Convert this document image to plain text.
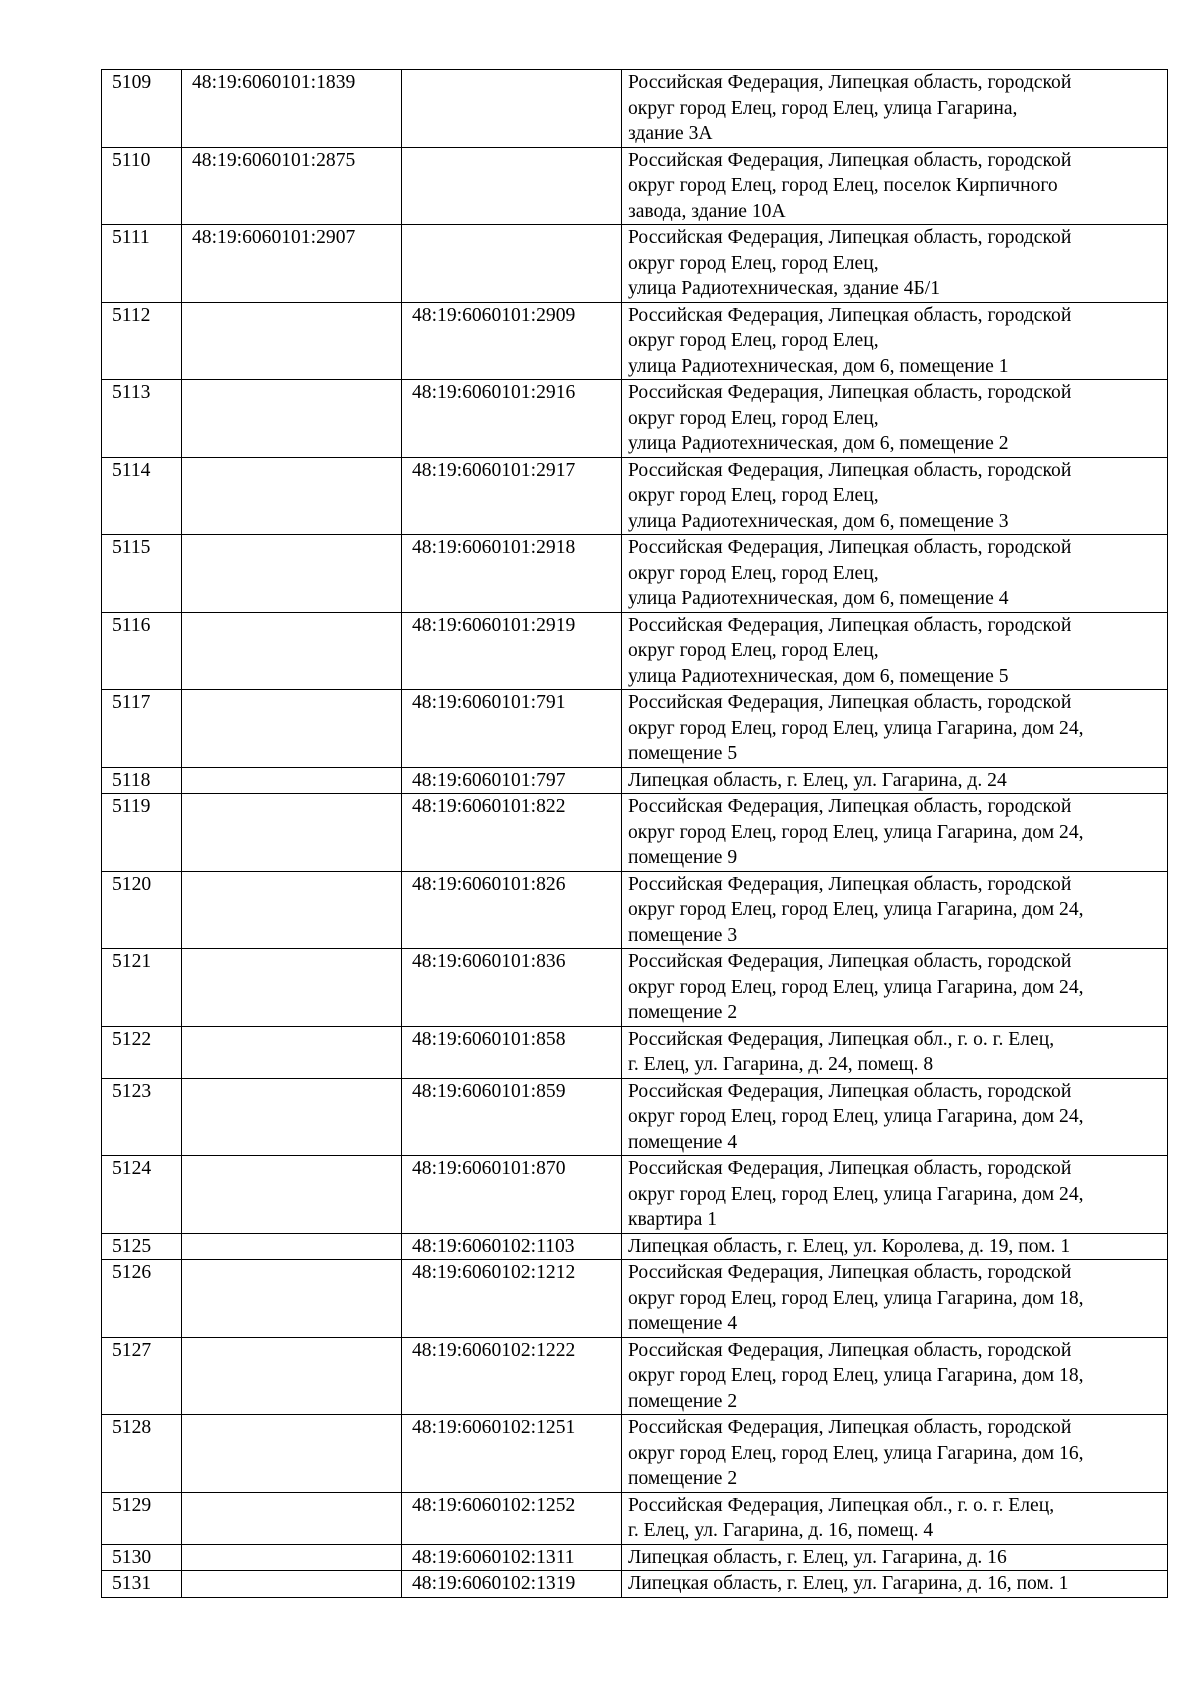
5109	48:19:6060101:1839		Российская Федерация, Липецкая область, городской
округ город Елец, город Елец, улица Гагарина,
здание 3А
5110	48:19:6060101:2875		Российская Федерация, Липецкая область, городской
округ город Елец, город Елец, поселок Кирпичного
завода, здание 10А
5111	48:19:6060101:2907		Российская Федерация, Липецкая область, городской
округ город Елец, город Елец,
улица Радиотехническая, здание 4Б/1
5112		48:19:6060101:2909	Российская Федерация, Липецкая область, городской
округ город Елец, город Елец,
улица Радиотехническая, дом 6, помещение 1
5113		48:19:6060101:2916	Российская Федерация, Липецкая область, городской
округ город Елец, город Елец,
улица Радиотехническая, дом 6, помещение 2
5114		48:19:6060101:2917	Российская Федерация, Липецкая область, городской
округ город Елец, город Елец,
улица Радиотехническая, дом 6, помещение 3
5115		48:19:6060101:2918	Российская Федерация, Липецкая область, городской
округ город Елец, город Елец,
улица Радиотехническая, дом 6, помещение 4
5116		48:19:6060101:2919	Российская Федерация, Липецкая область, городской
округ город Елец, город Елец,
улица Радиотехническая, дом 6, помещение 5
5117		48:19:6060101:791	Российская Федерация, Липецкая область, городской
округ город Елец, город Елец, улица Гагарина, дом 24,
помещение 5
5118		48:19:6060101:797	Липецкая область, г. Елец, ул. Гагарина, д. 24
5119		48:19:6060101:822	Российская Федерация, Липецкая область, городской
округ город Елец, город Елец, улица Гагарина, дом 24,
помещение 9
5120		48:19:6060101:826	Российская Федерация, Липецкая область, городской
округ город Елец, город Елец, улица Гагарина, дом 24,
помещение 3
5121		48:19:6060101:836	Российская Федерация, Липецкая область, городской
округ город Елец, город Елец, улица Гагарина, дом 24,
помещение 2
5122		48:19:6060101:858	Российская Федерация, Липецкая обл., г. о. г. Елец,
г. Елец, ул. Гагарина, д. 24, помещ. 8
5123		48:19:6060101:859	Российская Федерация, Липецкая область, городской
округ город Елец, город Елец, улица Гагарина, дом 24,
помещение 4
5124		48:19:6060101:870	Российская Федерация, Липецкая область, городской
округ город Елец, город Елец, улица Гагарина, дом 24,
квартира 1
5125		48:19:6060102:1103	Липецкая область, г. Елец, ул. Королева, д. 19, пом. 1
5126		48:19:6060102:1212	Российская Федерация, Липецкая область, городской
округ город Елец, город Елец, улица Гагарина, дом 18,
помещение 4
5127		48:19:6060102:1222	Российская Федерация, Липецкая область, городской
округ город Елец, город Елец, улица Гагарина, дом 18,
помещение 2
5128		48:19:6060102:1251	Российская Федерация, Липецкая область, городской
округ город Елец, город Елец, улица Гагарина, дом 16,
помещение 2
5129		48:19:6060102:1252	Российская Федерация, Липецкая обл., г. о. г. Елец,
г. Елец, ул. Гагарина, д. 16, помещ. 4
5130		48:19:6060102:1311	Липецкая область, г. Елец, ул. Гагарина, д. 16
5131		48:19:6060102:1319	Липецкая область, г. Елец, ул. Гагарина, д. 16, пом. 1
